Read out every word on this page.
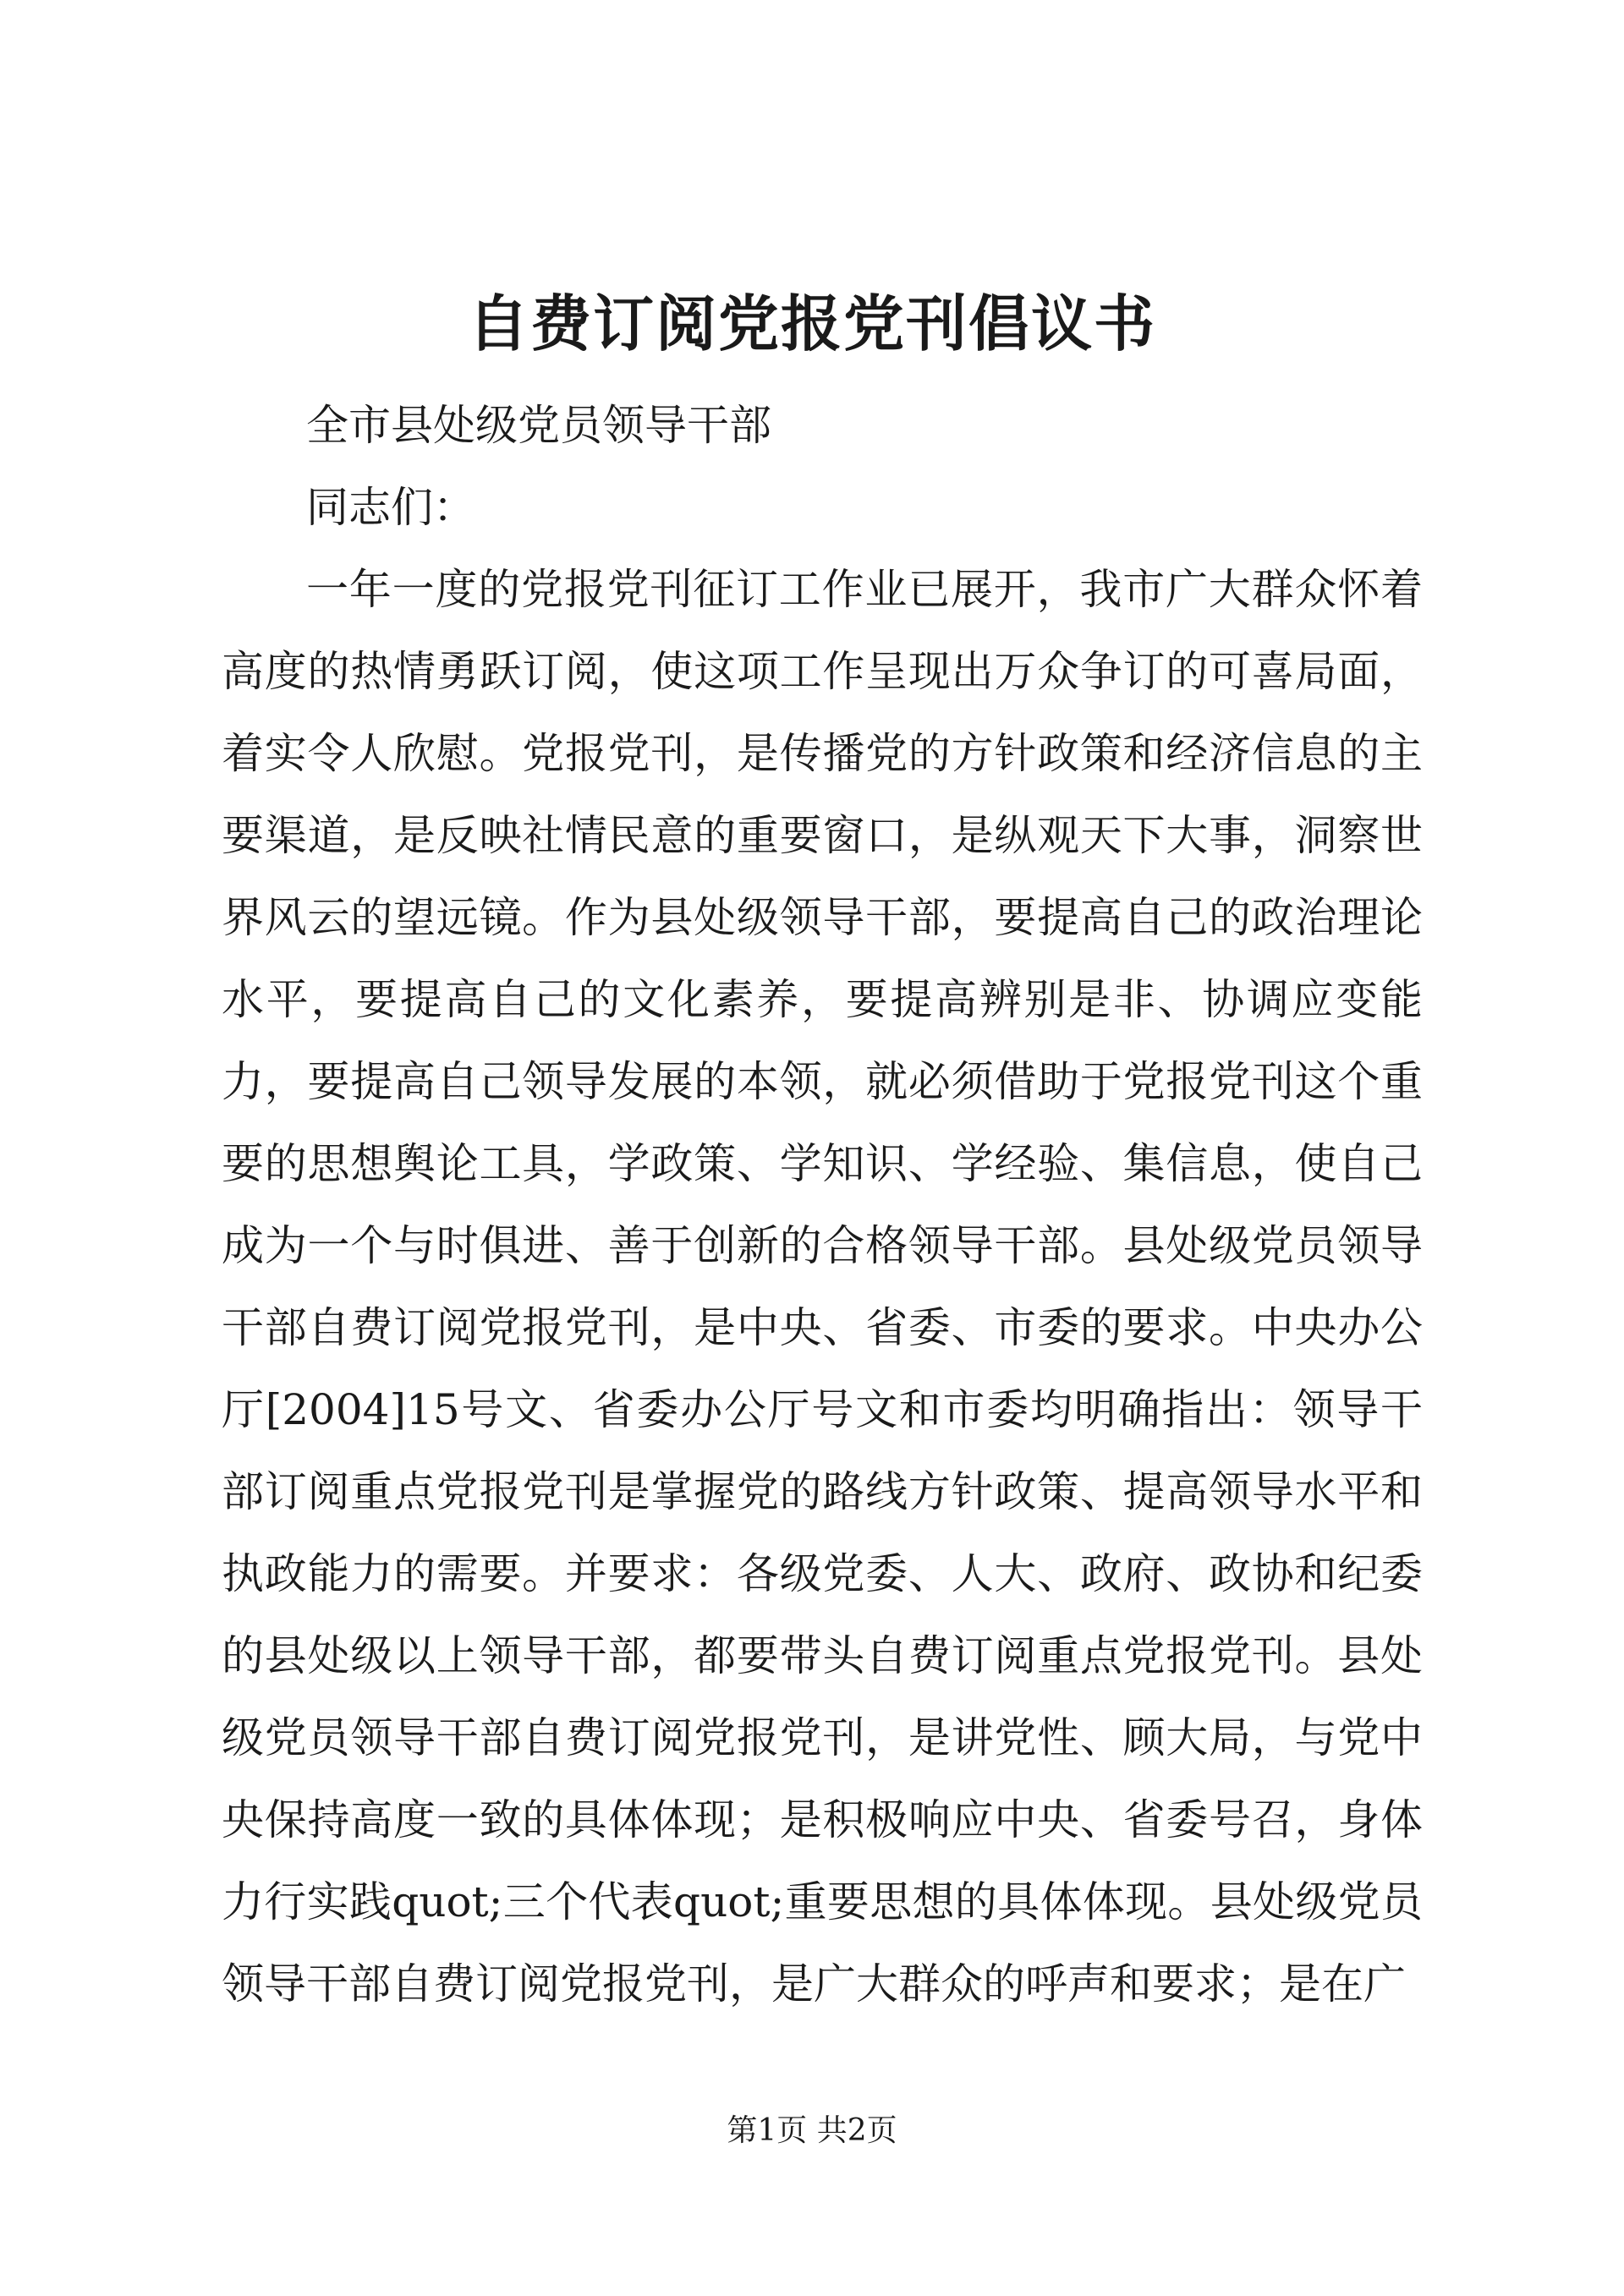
自费订阅党报党刊倡议书

全市县处级党员领导干部

同志们：

一年一度的党报党刊征订工作业已展开，我市广大群众怀着高度的热情勇跃订阅，使这项工作呈现出万众争订的可喜局面，着实令人欣慰。党报党刊，是传播党的方针政策和经济信息的主要渠道，是反映社情民意的重要窗口，是纵观天下大事，洞察世界风云的望远镜。作为县处级领导干部，要提高自己的政治理论水平，要提高自己的文化素养，要提高辨别是非、协调应变能力，要提高自己领导发展的本领，就必须借助于党报党刊这个重要的思想舆论工具，学政策、学知识、学经验、集信息，使自己成为一个与时俱进、善于创新的合格领导干部。县处级党员领导干部自费订阅党报党刊，是中央、省委、市委的要求。中央办公厅[2004]15号文、省委办公厅号文和市委均明确指出：领导干部订阅重点党报党刊是掌握党的路线方针政策、提高领导水平和执政能力的需要。并要求：各级党委、人大、政府、政协和纪委的县处级以上领导干部，都要带头自费订阅重点党报党刊。县处级党员领导干部自费订阅党报党刊，是讲党性、顾大局，与党中央保持高度一致的具体体现；是积极响应中央、省委号召，身体力行实践quot;三个代表quot;重要思想的具体体现。县处级党员领导干部自费订阅党报党刊，是广大群众的呼声和要求；是在广

第1页 共2页
